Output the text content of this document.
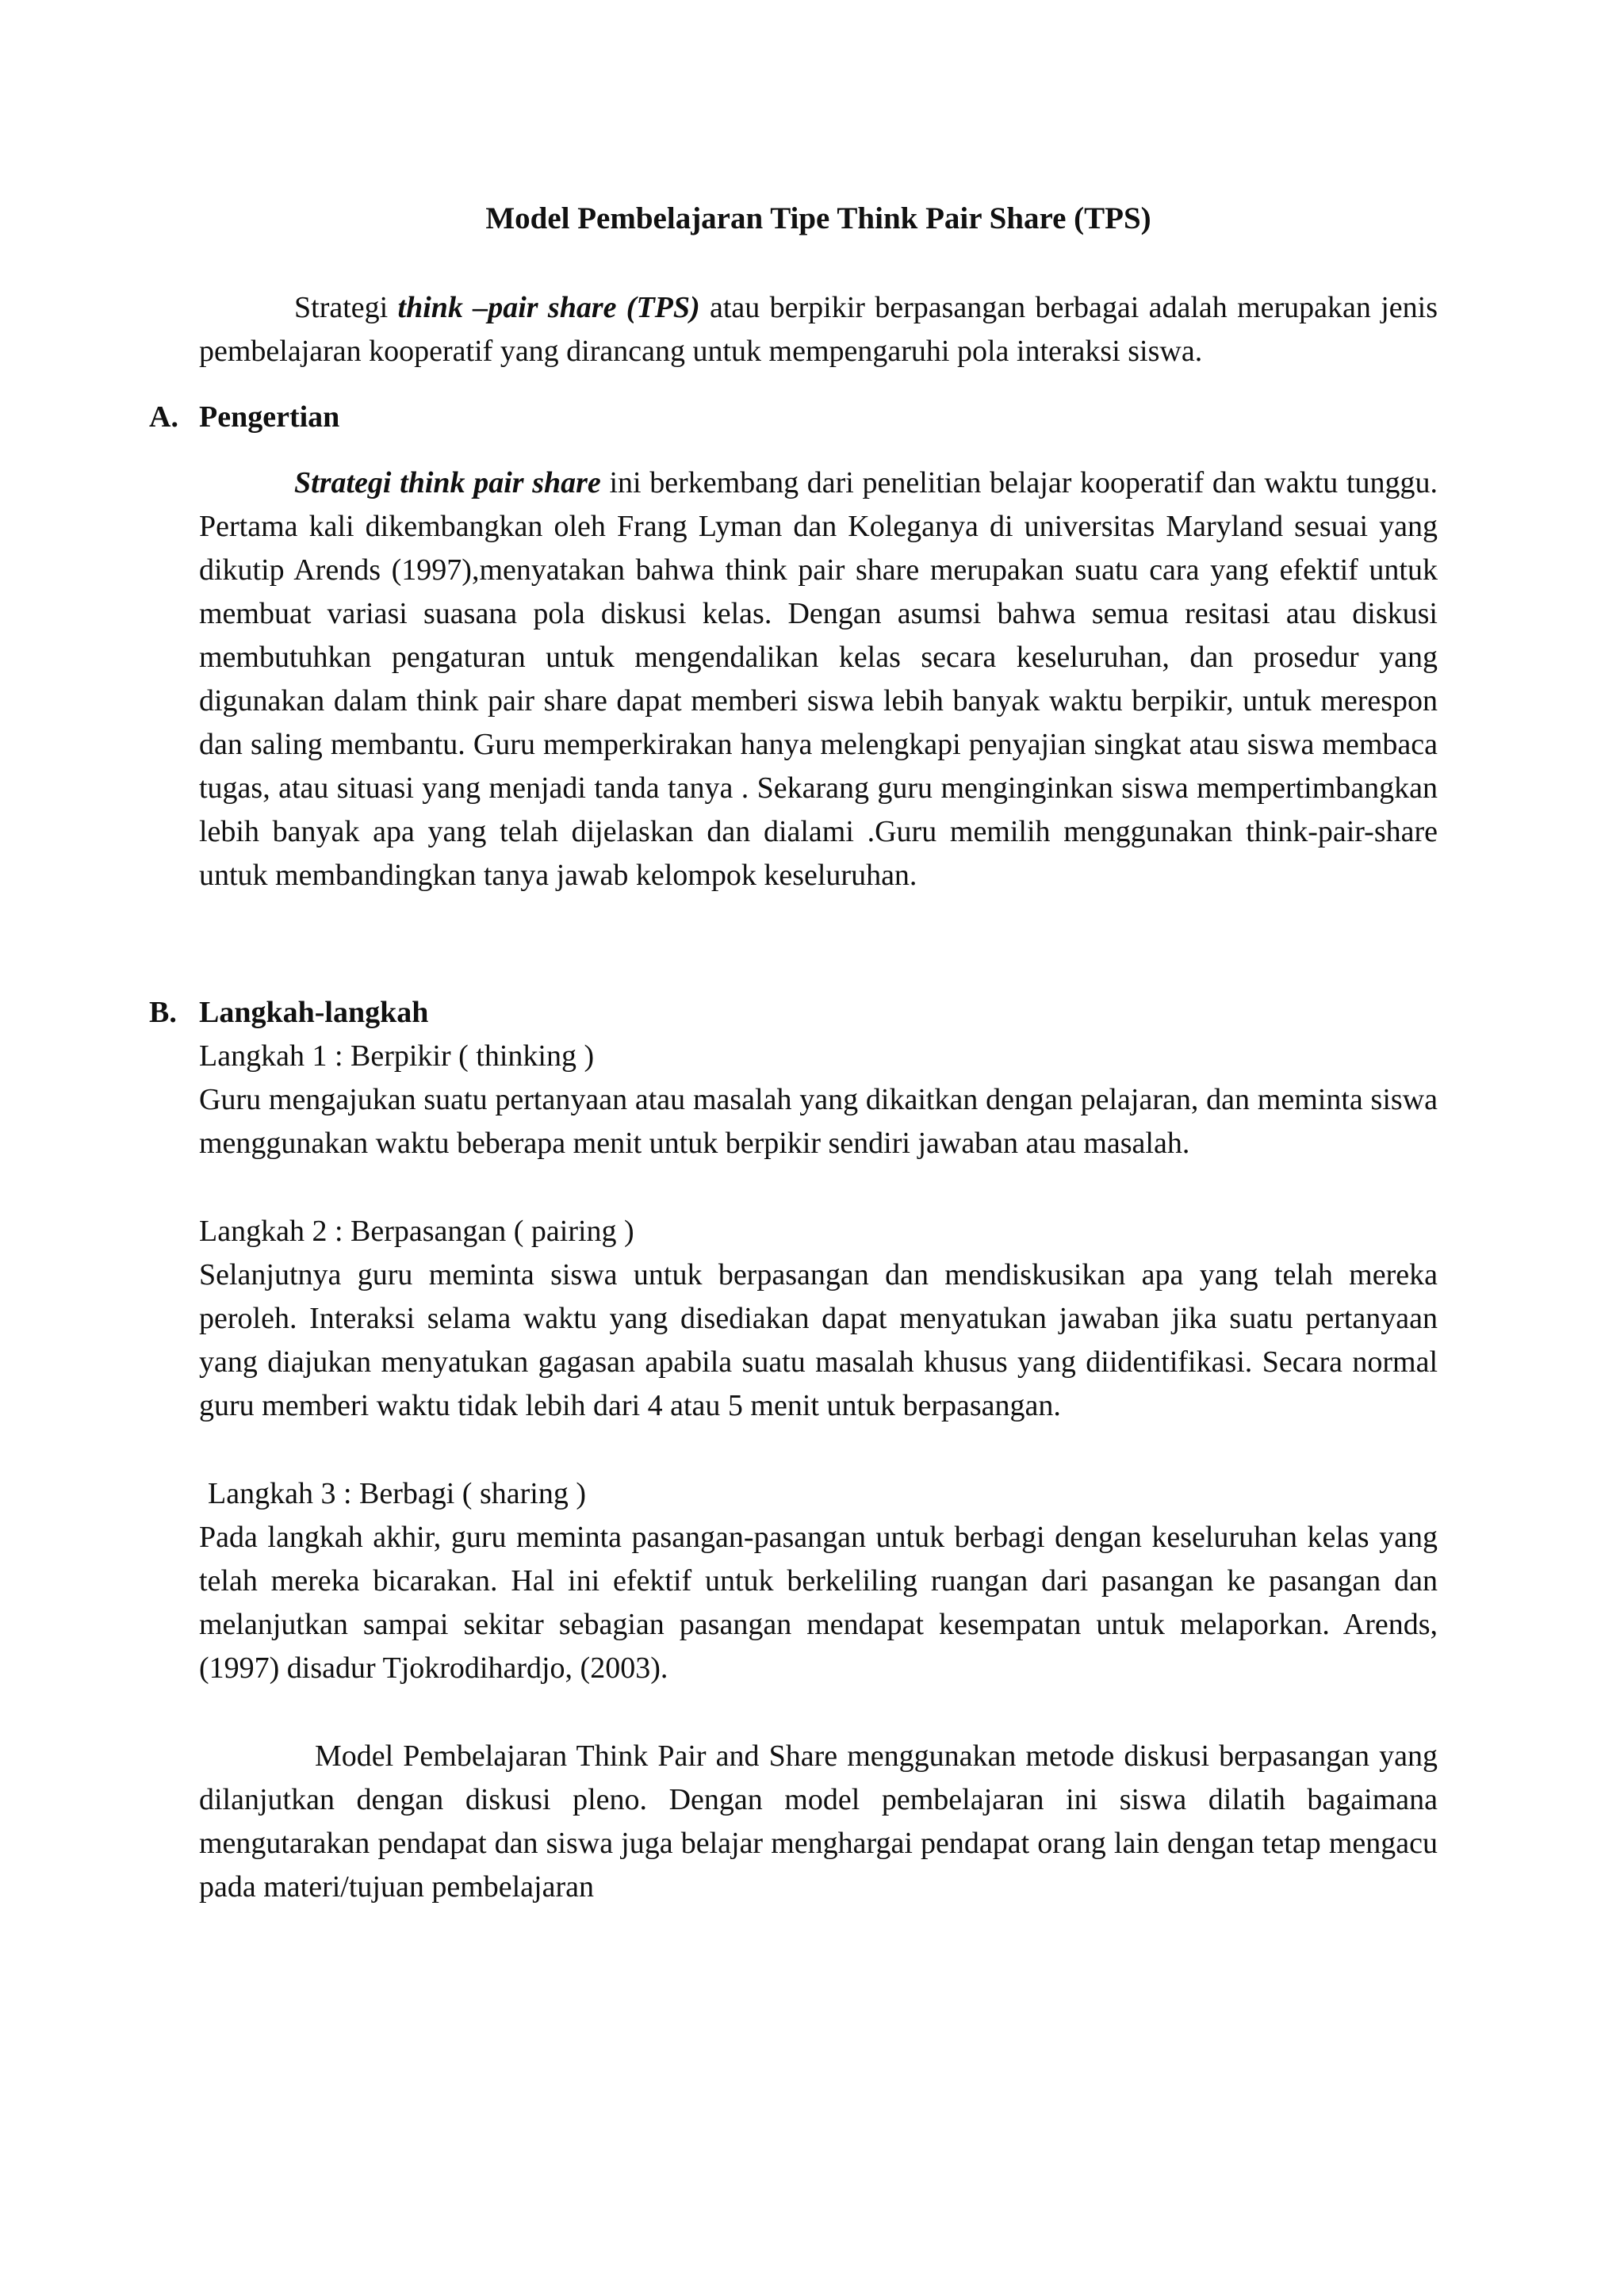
Model Pembelajaran Tipe Think Pair Share (TPS)

Strategi think –pair share (TPS) atau berpikir berpasangan berbagai adalah merupakan jenis pembelajaran kooperatif yang dirancang untuk mempengaruhi pola interaksi siswa.

A. Pengertian

Strategi think pair share ini berkembang dari penelitian belajar kooperatif dan waktu tunggu. Pertama kali dikembangkan oleh Frang Lyman dan Koleganya di universitas Maryland sesuai yang dikutip Arends (1997),menyatakan bahwa think pair share merupakan suatu cara yang efektif untuk membuat variasi suasana pola diskusi kelas. Dengan asumsi bahwa semua resitasi atau diskusi membutuhkan pengaturan untuk mengendalikan kelas secara keseluruhan, dan prosedur yang digunakan dalam think pair share dapat memberi siswa lebih banyak waktu berpikir, untuk merespon dan saling membantu. Guru memperkirakan hanya melengkapi penyajian singkat atau siswa membaca tugas, atau situasi yang menjadi tanda tanya . Sekarang guru menginginkan siswa mempertimbangkan lebih banyak apa yang telah dijelaskan dan dialami .Guru memilih menggunakan think-pair-share untuk membandingkan tanya jawab kelompok keseluruhan.

B. Langkah-langkah

Langkah 1 : Berpikir ( thinking )

Guru mengajukan suatu pertanyaan atau masalah yang dikaitkan dengan pelajaran, dan meminta siswa menggunakan waktu beberapa menit untuk berpikir sendiri jawaban atau masalah.

Langkah 2 : Berpasangan ( pairing )

Selanjutnya guru meminta siswa untuk berpasangan dan mendiskusikan apa yang telah mereka peroleh. Interaksi selama waktu yang disediakan dapat menyatukan jawaban jika suatu pertanyaan yang diajukan menyatukan gagasan apabila suatu masalah khusus yang diidentifikasi. Secara normal guru memberi waktu tidak lebih dari 4 atau 5 menit untuk berpasangan.

Langkah 3 : Berbagi ( sharing )

Pada langkah akhir, guru meminta pasangan-pasangan untuk berbagi dengan keseluruhan kelas yang telah mereka bicarakan. Hal ini efektif untuk berkeliling ruangan dari pasangan ke pasangan dan melanjutkan sampai sekitar sebagian pasangan mendapat kesempatan untuk melaporkan. Arends, (1997) disadur Tjokrodihardjo, (2003).

Model Pembelajaran Think Pair and Share menggunakan metode diskusi berpasangan yang dilanjutkan dengan diskusi pleno. Dengan model pembelajaran ini siswa dilatih bagaimana mengutarakan pendapat dan siswa juga belajar menghargai pendapat orang lain dengan tetap mengacu pada materi/tujuan pembelajaran
